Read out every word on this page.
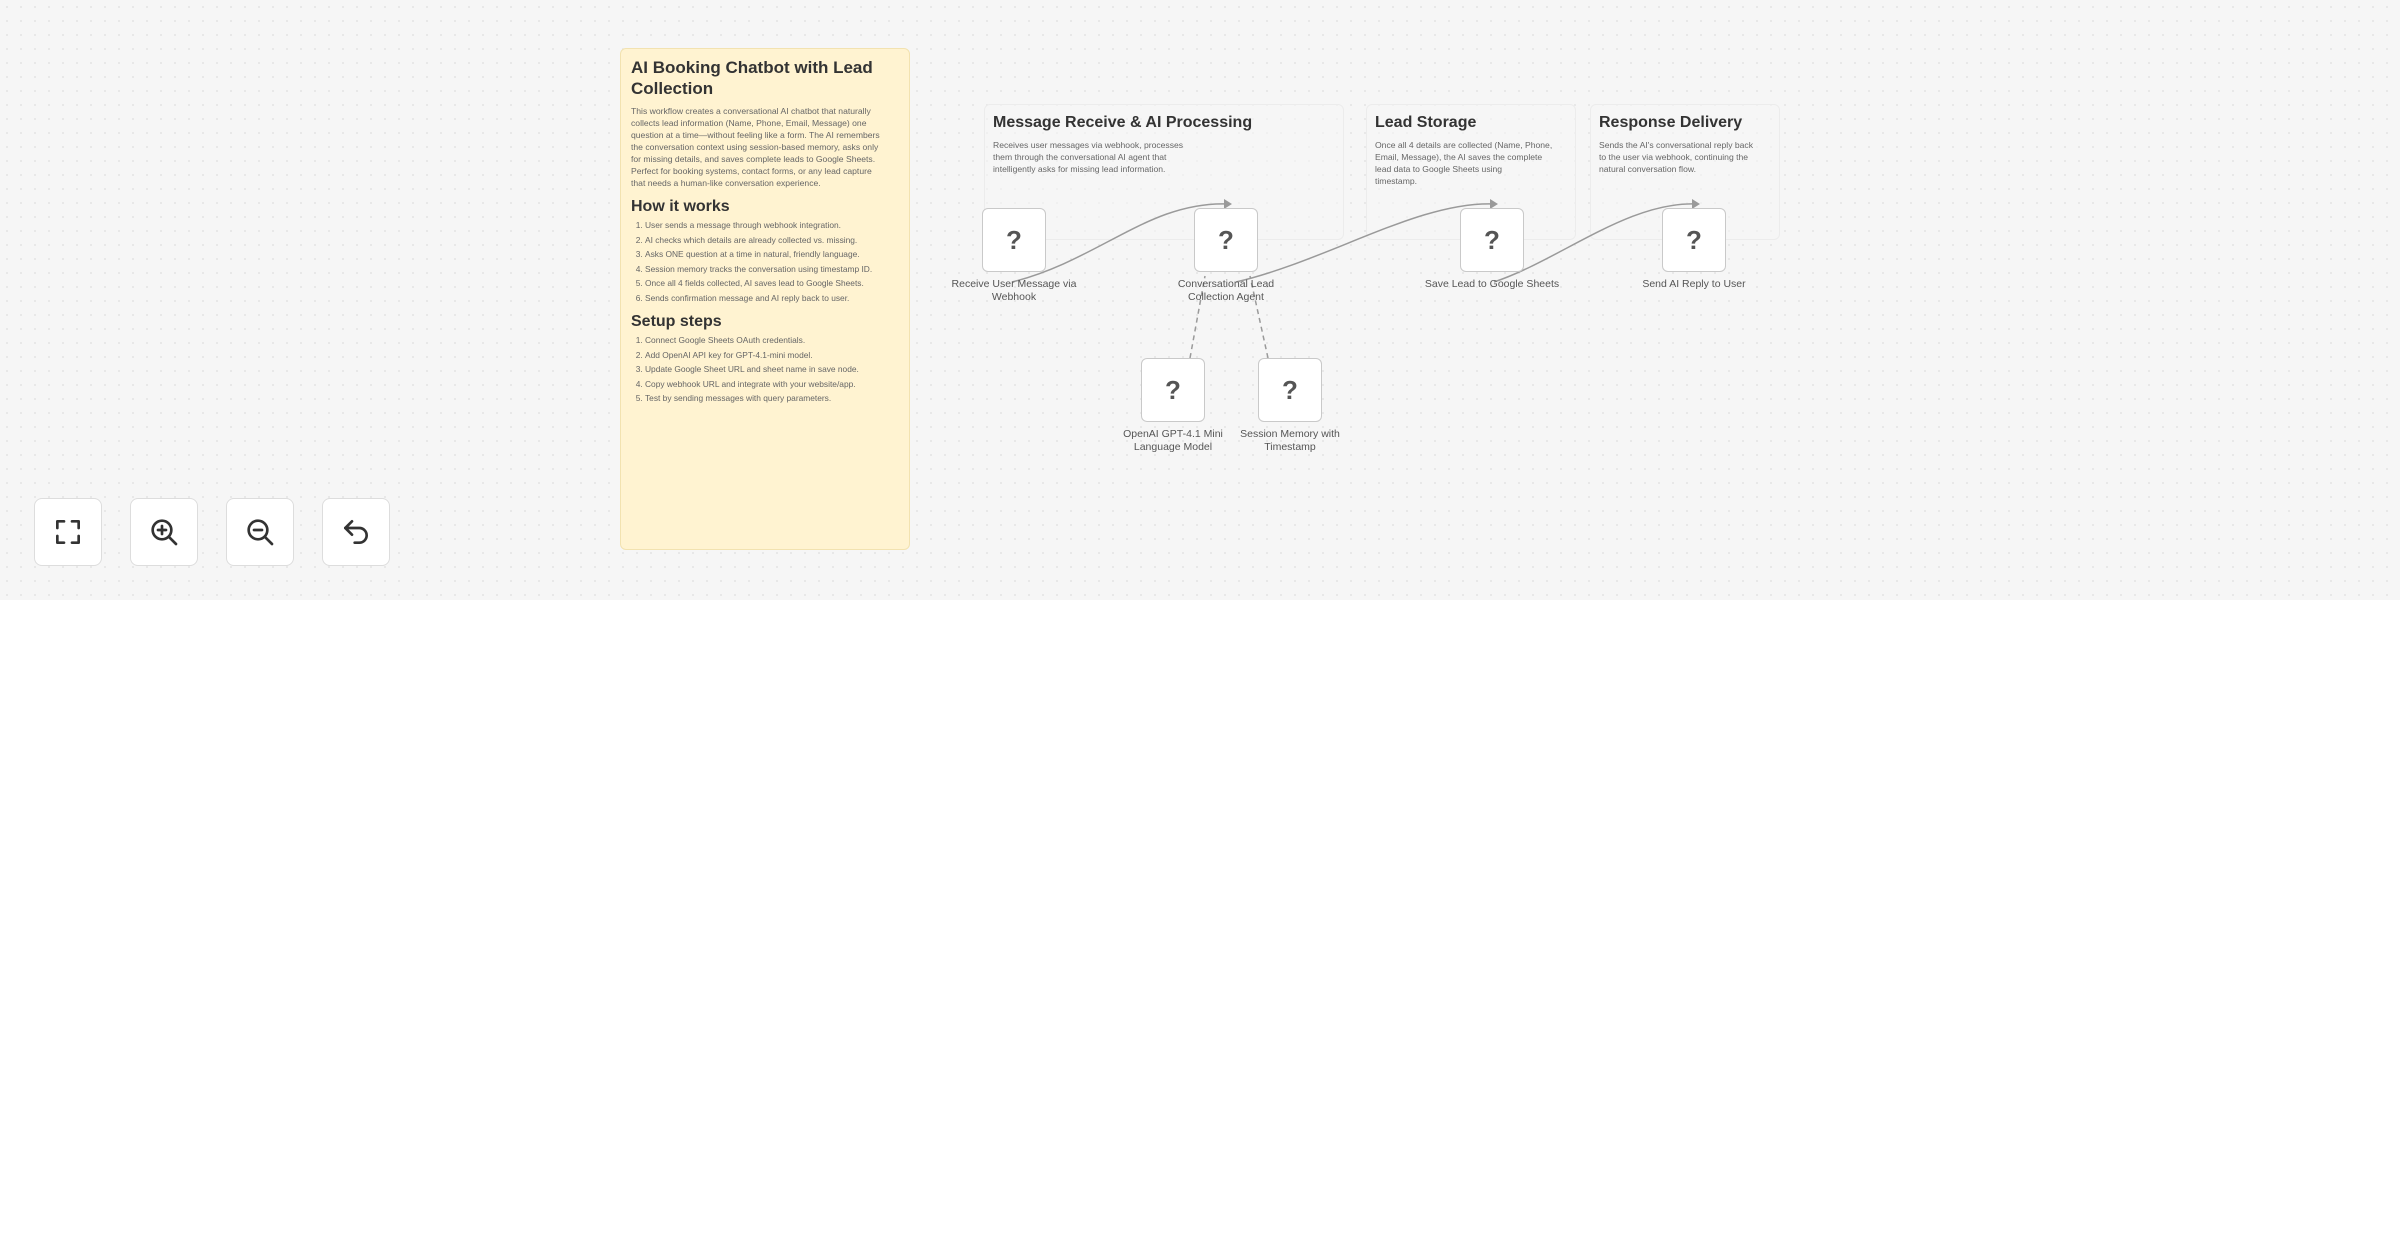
AI Booking Chatbot with Lead Collection

This workflow creates a conversational AI chatbot that naturally
collects lead information (Name, Phone, Email, Message) one question at a time—without feeling like a form. The AI remembers
the conversation context using session-based memory, asks only
for missing details, and saves complete leads to Google Sheets.
Perfect for booking systems, contact forms, or any lead capture
that needs a human-like conversation experience.

How it works
1. User sends a message through webhook integration.
2. AI checks which details are already collected vs. missing.
3. Asks ONE question at a time in natural, friendly language.
4. Session memory tracks the conversation using timestamp ID.
5. Once all 4 fields collected, AI saves lead to Google Sheets.
6. Sends confirmation message and AI reply back to user.
Setup steps
1. Connect Google Sheets OAuth credentials.
2. Add OpenAI API key for GPT-4.1-mini model.
3. Update Google Sheet URL and sheet name in save node.
4. Copy webhook URL and integrate with your website/app.
5. Test by sending messages with query parameters.
Message Receive & AI Processing

Receives user messages via webhook, processes
them through the conversational AI agent that
intelligently asks for missing lead information.

Lead Storage

Once all 4 details are collected (Name, Phone,
Email, Message), the AI saves the complete
lead data to Google Sheets using
timestamp.

Response Delivery

Sends the AI's conversational reply back
to the user via webhook, continuing the
natural conversation flow.

?
Receive User Message via Webhook
?
Conversational Lead Collection Agent
?
Save Lead to Google Sheets
?
Send AI Reply to User
?
OpenAI GPT-4.1 Mini Language Model
?
Session Memory with Timestamp
